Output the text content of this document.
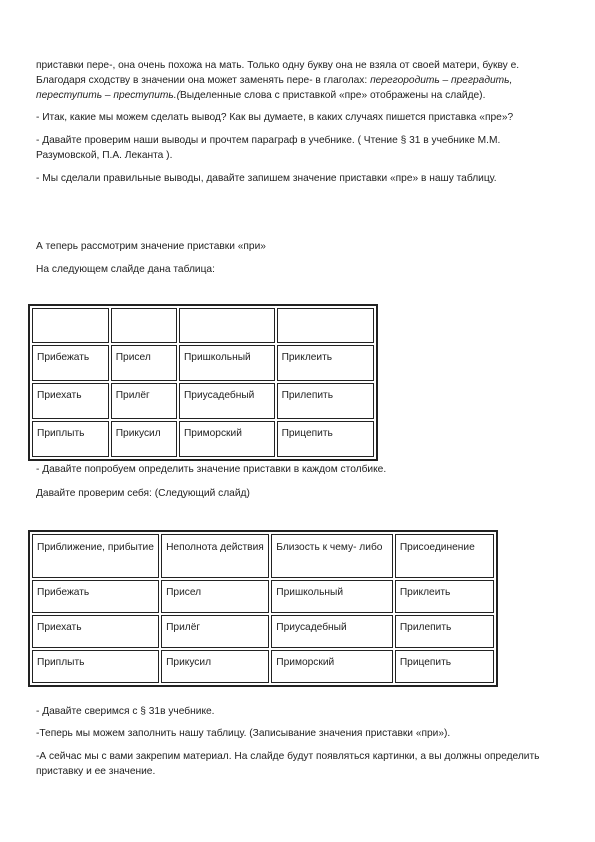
приставки пере-, она очень похожа на мать. Только одну букву она не взяла от своей матери, букву е.
Благодаря сходству в значении она может заменять пере- в глаголах: перегородить – преградить,
переступить – преступить.(Выделенные слова с приставкой «пре» отображены на слайде).

- Итак, какие мы можем сделать вывод? Как вы думаете, в каких случаях пишется приставка «пре»?

- Давайте проверим наши выводы и прочтем параграф в учебнике. ( Чтение § 31 в учебнике М.М. Разумовской, П.А. Леканта ).

- Мы сделали правильные выводы, давайте запишем значение приставки «пре» в нашу таблицу.

А теперь рассмотрим значение приставки «при»

На следующем слайде дана таблица:

Прибежать	Присел	Пришкольный	Приклеить
Приехать	Прилёг	Приусадебный	Прилепить
Приплыть	Прикусил	Приморский	Прицепить

- Давайте попробуем определить значение приставки в каждом столбике.

Давайте проверим себя: (Следующий слайд)

Приближение, прибытие	Неполнота действия	Близость к чему- либо	Присоединение
Прибежать	Присел	Пришкольный	Приклеить
Приехать	Прилёг	Приусадебный	Прилепить
Приплыть	Прикусил	Приморский	Прицепить

- Давайте сверимся с § 31в учебнике.

-Теперь мы можем заполнить нашу таблицу. (Записывание значения приставки «при»).

-А сейчас мы с вами закрепим материал. На слайде будут появляться картинки, а вы должны определить приставку и ее значение.
